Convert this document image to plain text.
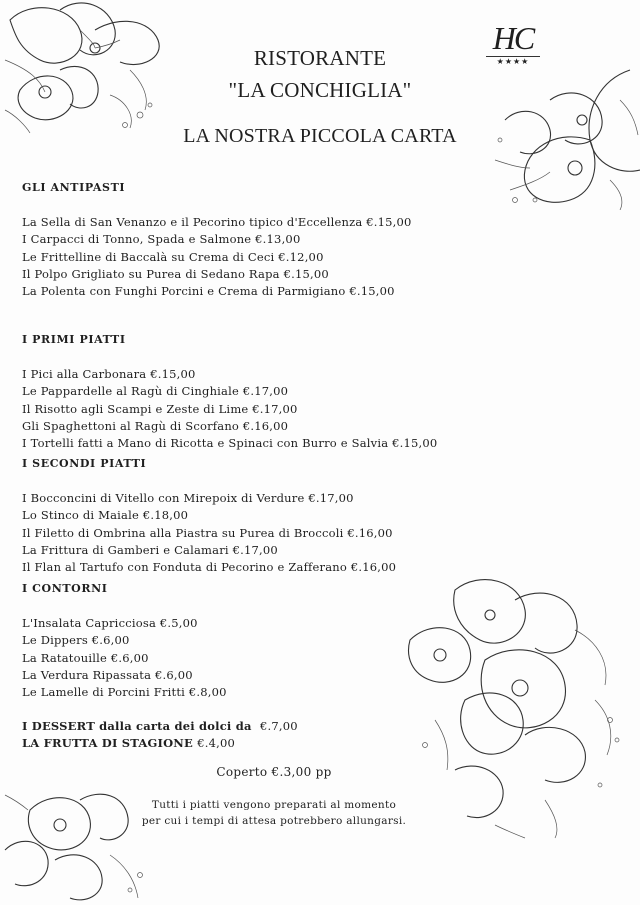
HC
★★★★
RISTORANTE
"LA CONCHIGLIA"
LA NOSTRA PICCOLA CARTA
GLI ANTIPASTI
La Sella di San Venanzo e il Pecorino tipico d'Eccellenza €.15,00
I Carpacci di Tonno, Spada e Salmone €.13,00
Le Frittelline di Baccalà su Crema di Ceci €.12,00
Il Polpo Grigliato su Purea di Sedano Rapa €.15,00
La Polenta con Funghi Porcini e Crema di Parmigiano €.15,00
I PRIMI PIATTI
I Pici alla Carbonara €.15,00
Le Pappardelle al Ragù di Cinghiale €.17,00
Il Risotto agli Scampi e Zeste di Lime €.17,00
Gli Spaghettoni al Ragù di Scorfano €.16,00
I Tortelli fatti a Mano di Ricotta e Spinaci con Burro e Salvia €.15,00
I SECONDI PIATTI
I Bocconcini di Vitello con Mirepoix di Verdure €.17,00
Lo Stinco di Maiale €.18,00
Il Filetto di Ombrina alla Piastra su Purea di Broccoli €.16,00
La Frittura di Gamberi e Calamari €.17,00
Il Flan al Tartufo con Fonduta di Pecorino e Zafferano €.16,00
I CONTORNI
L'Insalata Capricciosa €.5,00
Le Dippers €.6,00
La Ratatouille €.6,00
La Verdura Ripassata €.6,00
Le Lamelle di Porcini Fritti €.8,00
I DESSERT dalla carta dei dolci da €.7,00
LA FRUTTA DI STAGIONE €.4,00
Coperto €.3,00 pp
Tutti i piatti vengono preparati al momento
per cui i tempi di attesa potrebbero allungarsi.
